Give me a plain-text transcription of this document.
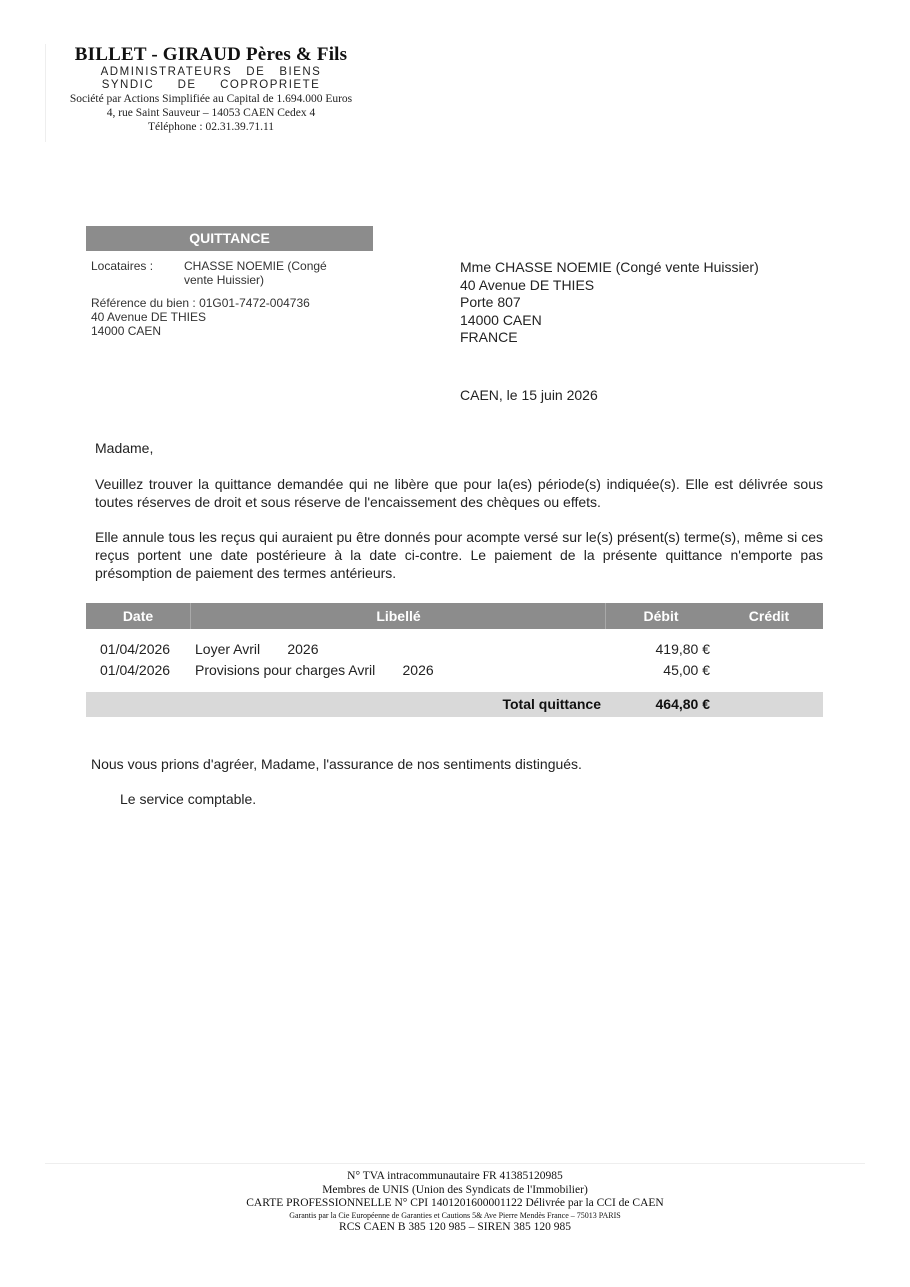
BILLET - GIRAUD Pères & Fils
ADMINISTRATEURS   DE   BIENS
SYNDIC     DE     COPROPRIETE
Société par Actions Simplifiée au Capital de 1.694.000 Euros
4, rue Saint Sauveur – 14053 CAEN Cedex 4
Téléphone : 02.31.39.71.11
QUITTANCE
Locataires :	CHASSE NOEMIE (Congé vente Huissier)
Référence du bien : 01G01-7472-004736
40 Avenue DE THIES
14000 CAEN
Mme CHASSE NOEMIE (Congé vente Huissier)
40 Avenue DE THIES
Porte 807
14000 CAEN
FRANCE
CAEN, le 15 juin 2026
Madame,
Veuillez trouver la quittance demandée qui ne libère que pour la(es) période(s) indiquée(s). Elle est délivrée sous toutes réserves de droit et sous réserve de l'encaissement des chèques ou effets.
Elle annule tous les reçus qui auraient pu être donnés pour acompte versé sur le(s) présent(s) terme(s), même si ces reçus portent une date postérieure à la date ci-contre. Le paiement de la présente quittance n'emporte pas présomption de paiement des termes antérieurs.
Date	Libellé	Débit	Crédit
01/04/2026 Loyer Avril       2026	419,80 €
01/04/2026 Provisions pour charges Avril       2026	45,00 €
Total quittance	464,80 €
Nous vous prions d'agréer, Madame, l'assurance de nos sentiments distingués.
Le service comptable.
N° TVA intracommunautaire FR 41385120985
Membres de UNIS (Union des Syndicats de l'Immobilier)
CARTE PROFESSIONNELLE N° CPI 1401201600001122 Délivrée par la CCI de CAEN
Garantis par la Cie Européenne de Garanties et Cautions 5& Ave Pierre Mendès France – 75013 PARIS
RCS CAEN B 385 120 985 – SIREN 385 120 985
